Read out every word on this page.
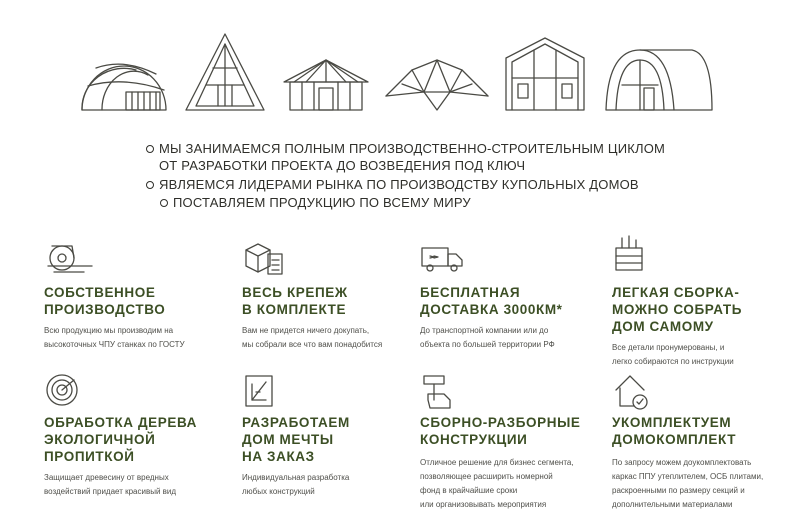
МЫ ЗАНИМАЕМСЯ ПОЛНЫМ ПРОИЗВОДСТВЕННО-СТРОИТЕЛЬНЫМ ЦИКЛОМ
ОТ РАЗРАБОТКИ ПРОЕКТА ДО ВОЗВЕДЕНИЯ ПОД КЛЮЧ
ЯВЛЯЕМСЯ ЛИДЕРАМИ РЫНКА ПО ПРОИЗВОДСТВУ КУПОЛЬНЫХ ДОМОВ
ПОСТАВЛЯЕМ ПРОДУКЦИЮ ПО ВСЕМУ МИРУ
СОБСТВЕННОЕ
ПРОИЗВОДСТВО
Всю продукцию мы производим на
высокоточных ЧПУ станках по ГОСТУ
ВЕСЬ КРЕПЕЖ
В КОМПЛЕКТЕ
Вам не придется ничего докупать,
мы собрали все что вам понадобится
БЕСПЛАТНАЯ
ДОСТАВКА 3000КМ*
До транспортной компании или до
объекта по большей территории РФ
ЛЕГКАЯ СБОРКА-
МОЖНО СОБРАТЬ
ДОМ САМОМУ
Все детали пронумерованы, и
легко собираются по инструкции
ОБРАБОТКА ДЕРЕВА
ЭКОЛОГИЧНОЙ
ПРОПИТКОЙ
Защищает древесину от вредных
воздействий придает красивый вид
РАЗРАБОТАЕМ
ДОМ МЕЧТЫ
НА ЗАКАЗ
Индивидуальная разработка
любых конструкций
СБОРНО-РАЗБОРНЫЕ
КОНСТРУКЦИИ
Отличное решение для бизнес сегмента,
позволяющее расширить номерной
фонд в крайчайшие сроки
или организовывать мероприятия
УКОМПЛЕКТУЕМ
ДОМОКОМПЛЕКТ
По запросу можем доукомплектовать
каркас ППУ утеплителем, ОСБ плитами,
раскроенными по размеру секций и
дополнительными материалами
